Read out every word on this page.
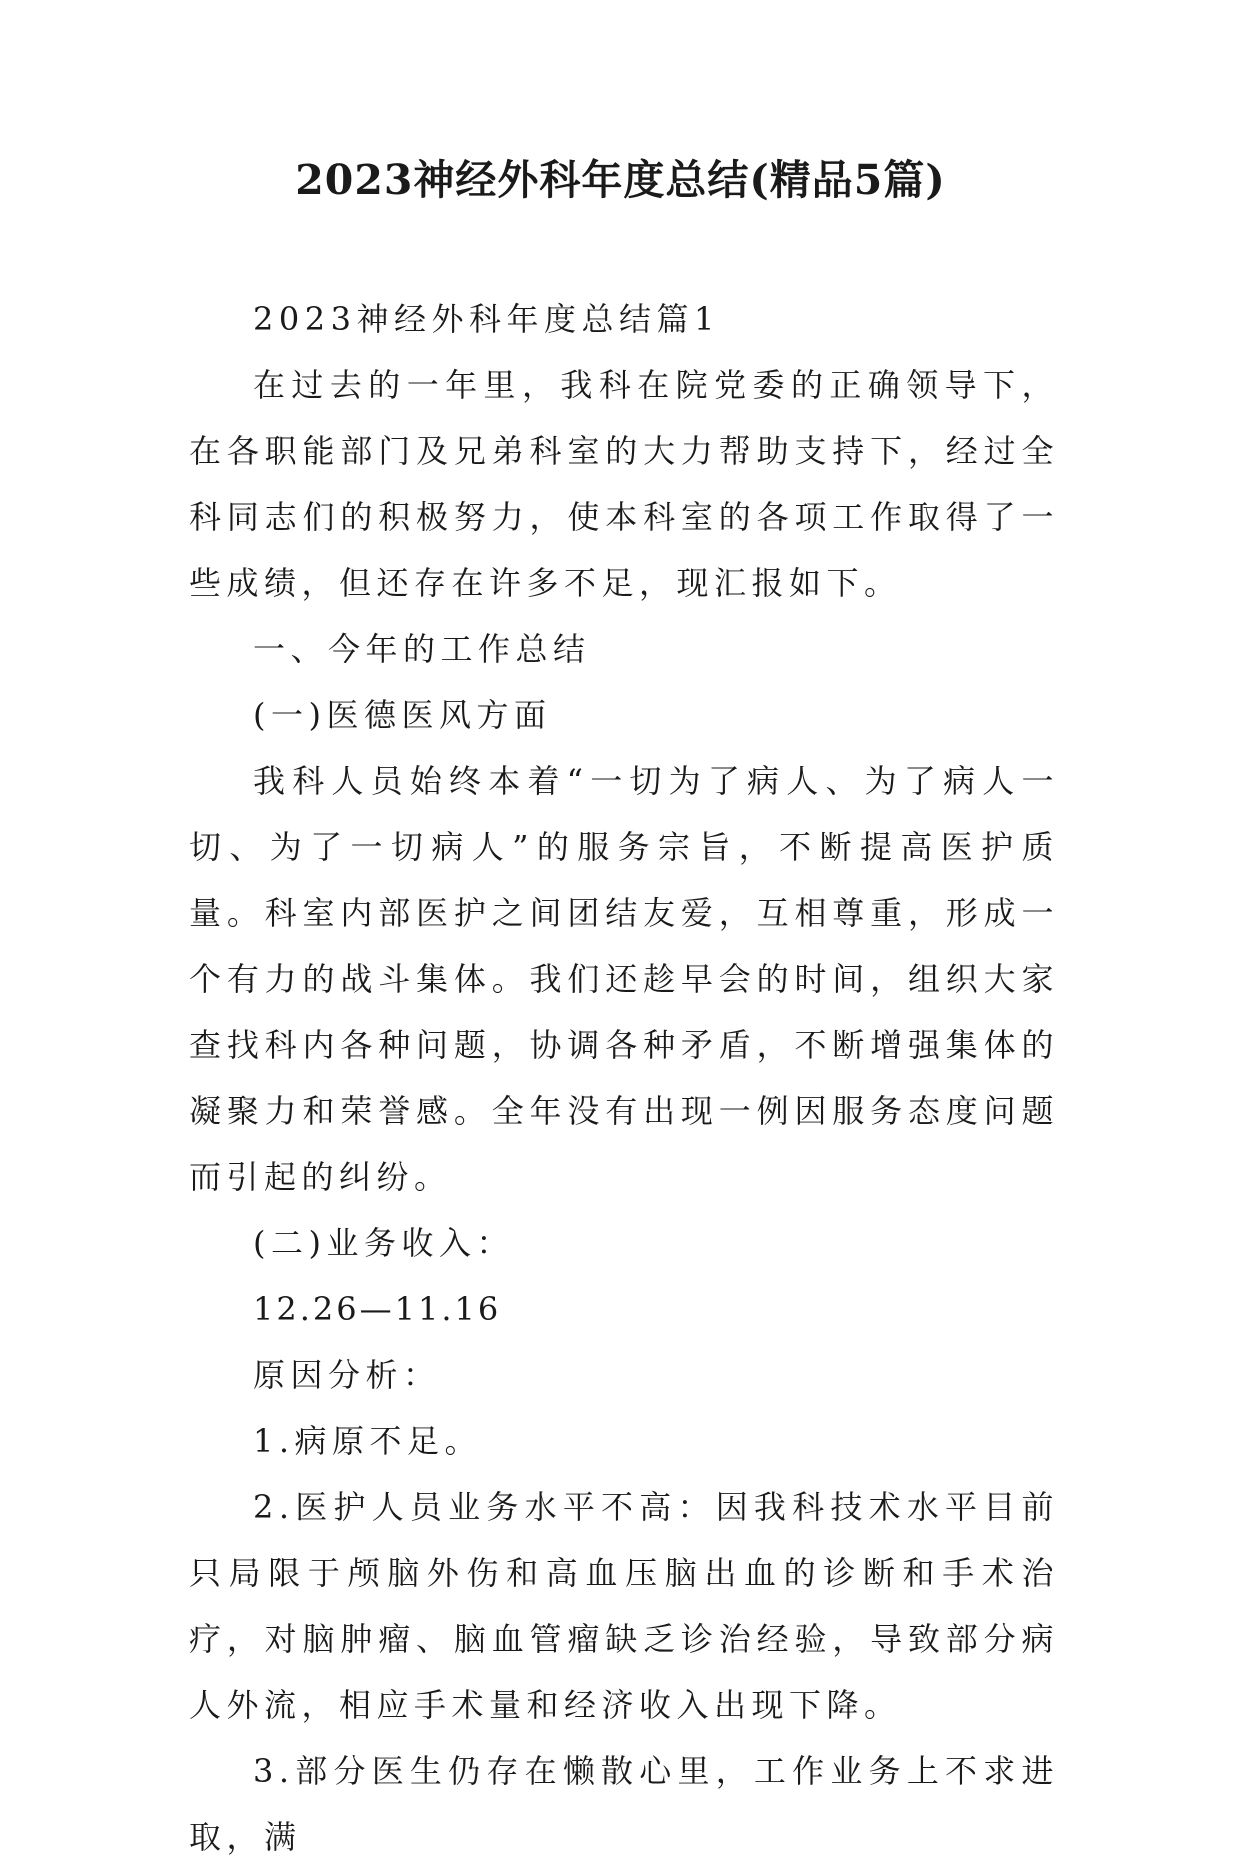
2023神经外科年度总结(精品5篇)

2023神经外科年度总结篇1

在过去的一年里，我科在院党委的正确领导下，在各职能部门及兄弟科室的大力帮助支持下，经过全科同志们的积极努力，使本科室的各项工作取得了一些成绩，但还存在许多不足，现汇报如下。

一、今年的工作总结

(一)医德医风方面

我科人员始终本着“一切为了病人、为了病人一切、为了一切病人”的服务宗旨，不断提高医护质量。科室内部医护之间团结友爱，互相尊重，形成一个有力的战斗集体。我们还趁早会的时间，组织大家查找科内各种问题，协调各种矛盾，不断增强集体的凝聚力和荣誉感。全年没有出现一例因服务态度问题而引起的纠纷。

(二)业务收入：

12.26—11.16

原因分析：

1.病原不足。

2.医护人员业务水平不高：因我科技术水平目前只局限于颅脑外伤和高血压脑出血的诊断和手术治疗，对脑肿瘤、脑血管瘤缺乏诊治经验，导致部分病人外流，相应手术量和经济收入出现下降。

3.部分医生仍存在懒散心里，工作业务上不求进取，满
